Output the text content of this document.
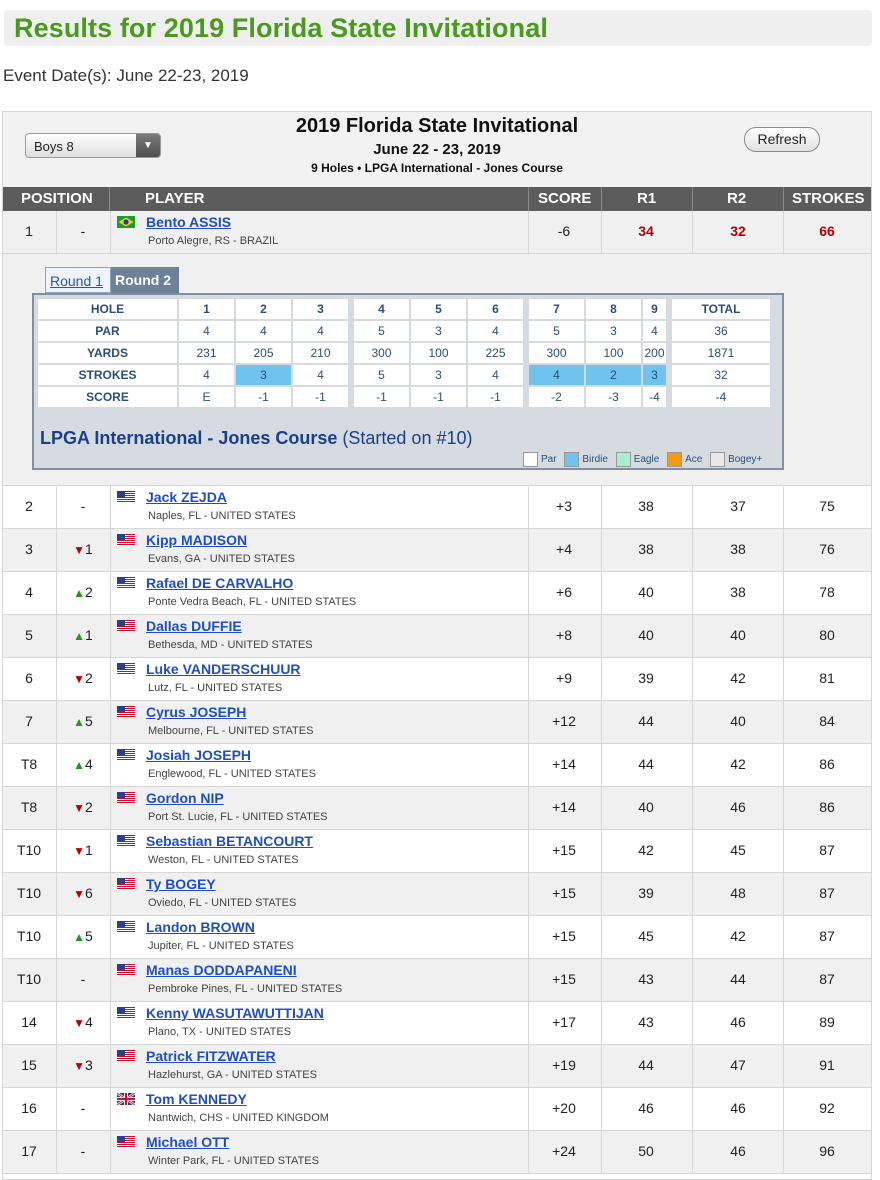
Results for 2019 Florida State Invitational
Event Date(s): June 22-23, 2019
Boys 8	▼
2019 Florida State Invitational
June 22 - 23, 2019
9 Holes • LPGA International - Jones Course
Refresh
POSITION	PLAYER	SCORE	R1	R2	STROKES
1	-
Bento ASSIS
Porto Alegre, RS - BRAZIL
-6	34	32	66
Round 1 Round 2
HOLE	1	2	3		4	5	6		7	8	9		TOTAL
PAR	4	4	4		5	3	4		5	3	4		36
YARDS	231	205	210		300	100	225		300	100	200		1871
STROKES	4	3	4		5	3	4		4	2	3		32
SCORE	E	-1	-1		-1	-1	-1		-2	-3	-4		-4
LPGA International - Jones Course (Started on #10)
Par	Birdie	Eagle	Ace	Bogey+
2	-
Jack ZEJDA
Naples, FL - UNITED STATES
+3	38	37	75
3	▼1
Kipp MADISON
Evans, GA - UNITED STATES
+4	38	38	76
4	▲2
Rafael DE CARVALHO
Ponte Vedra Beach, FL - UNITED STATES
+6	40	38	78
5	▲1
Dallas DUFFIE
Bethesda, MD - UNITED STATES
+8	40	40	80
6	▼2
Luke VANDERSCHUUR
Lutz, FL - UNITED STATES
+9	39	42	81
7	▲5
Cyrus JOSEPH
Melbourne, FL - UNITED STATES
+12	44	40	84
T8	▲4
Josiah JOSEPH
Englewood, FL - UNITED STATES
+14	44	42	86
T8	▼2
Gordon NIP
Port St. Lucie, FL - UNITED STATES
+14	40	46	86
T10	▼1
Sebastian BETANCOURT
Weston, FL - UNITED STATES
+15	42	45	87
T10	▼6
Ty BOGEY
Oviedo, FL - UNITED STATES
+15	39	48	87
T10	▲5
Landon BROWN
Jupiter, FL - UNITED STATES
+15	45	42	87
T10	-
Manas DODDAPANENI
Pembroke Pines, FL - UNITED STATES
+15	43	44	87
14	▼4
Kenny WASUTAWUTTIJAN
Plano, TX - UNITED STATES
+17	43	46	89
15	▼3
Patrick FITZWATER
Hazlehurst, GA - UNITED STATES
+19	44	47	91
16	-
Tom KENNEDY
Nantwich, CHS - UNITED KINGDOM
+20	46	46	92
17	-
Michael OTT
Winter Park, FL - UNITED STATES
+24	50	46	96
